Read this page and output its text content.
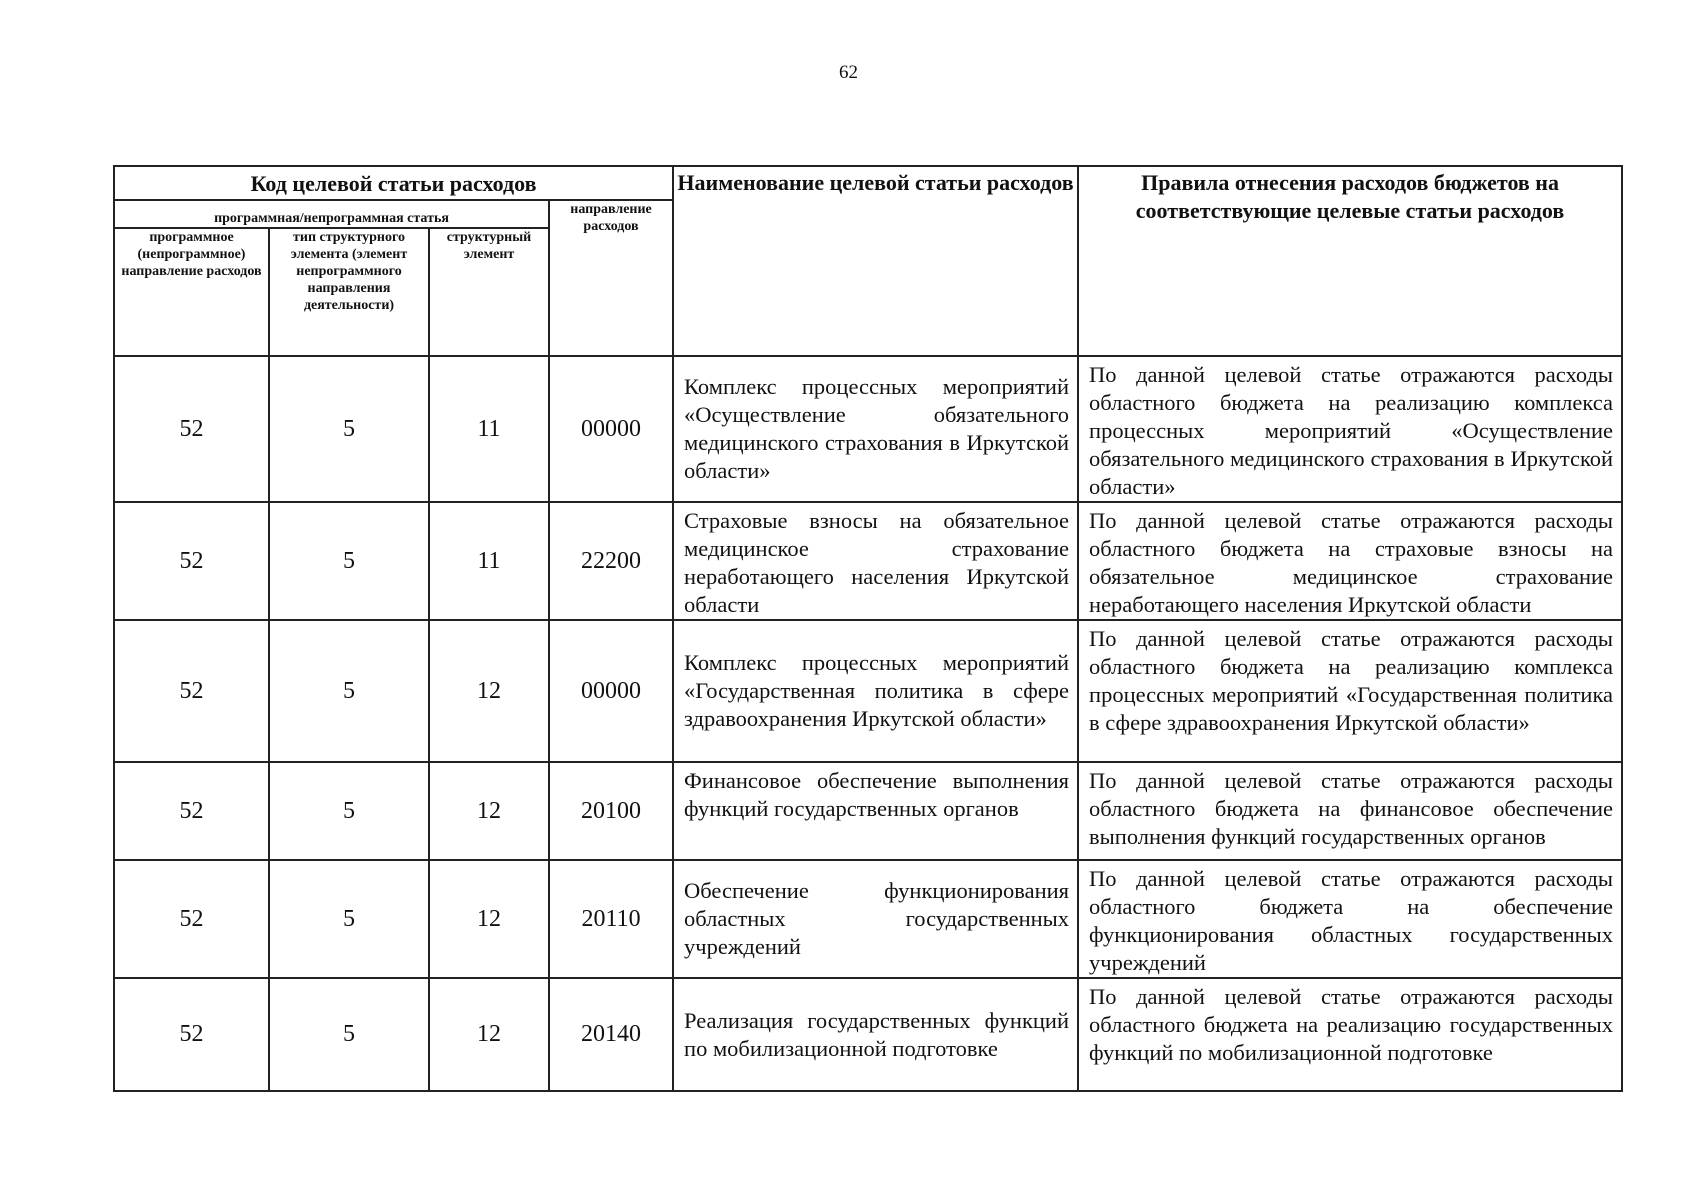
62
Код целевой статьи расходов				Наименование целевой статьи расходов	Правила отнесения расходов бюджетов на соответствующие целевые статьи расходов
программная/непрограммная статья			направление расходов		
программное (непрограммное) направление расходов	тип структурного элемента (элемент непрограммного направления деятельности)	структурный элемент			
52	5	11	00000	Комплекс процессных мероприятий «Осуществление обязательного медицинского страхования в Иркутской области»	По данной целевой статье отражаются расходы областного бюджета на реализацию комплекса процессных мероприятий «Осуществление обязательного медицинского страхования в Иркутской области»
52	5	11	22200	Страховые взносы на обязательное медицинское страхование неработающего населения Иркутской области	По данной целевой статье отражаются расходы областного бюджета на страховые взносы на обязательное медицинское страхование неработающего населения Иркутской области
52	5	12	00000	Комплекс процессных мероприятий «Государственная политика в сфере здравоохранения Иркутской области»	По данной целевой статье отражаются расходы областного бюджета на реализацию комплекса процессных мероприятий «Государственная политика в сфере здравоохранения Иркутской области»
52	5	12	20100	Финансовое обеспечение выполнения функций государственных органов	По данной целевой статье отражаются расходы областного бюджета на финансовое обеспечение выполнения функций государственных органов
52	5	12	20110	Обеспечение функционирования областных государственных учреждений	По данной целевой статье отражаются расходы областного бюджета на обеспечение функционирования областных государственных учреждений
52	5	12	20140	Реализация государственных функций по мобилизационной подготовке	По данной целевой статье отражаются расходы областного бюджета на реализацию государственных функций по мобилизационной подготовке
